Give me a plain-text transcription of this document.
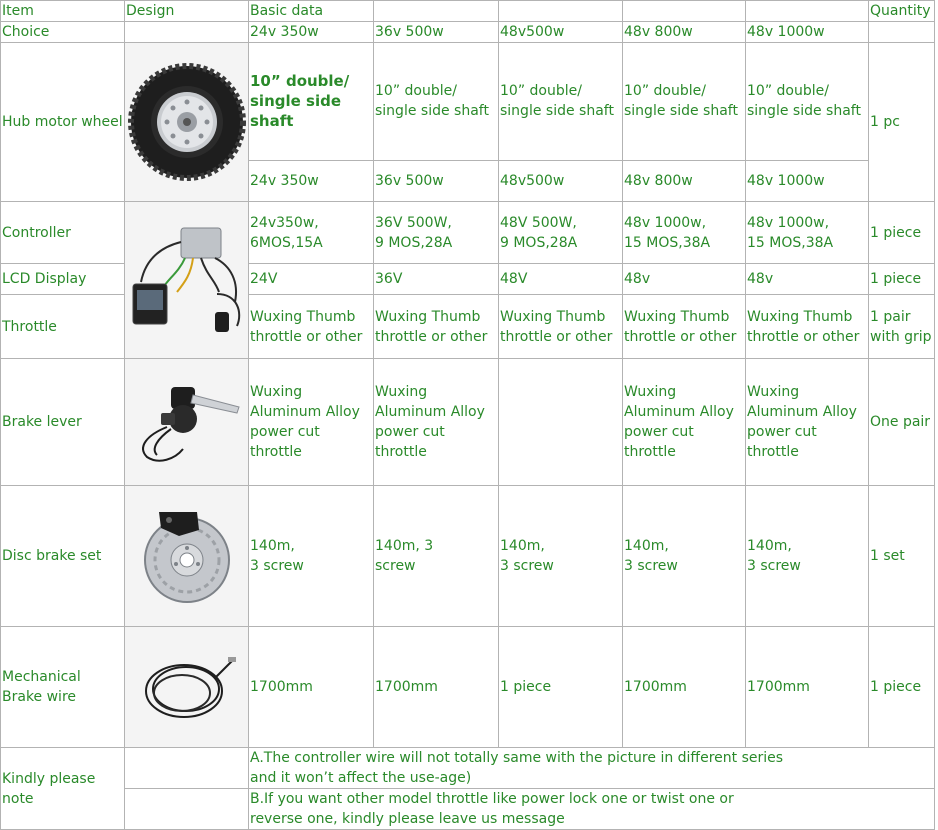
Item	Design	Basic data					Quantity
Choice		24v 350w	36v 500w	48v500w	48v 800w	48v 1000w	
Hub motor wheel		10” double/
single side
shaft	10” double/
single side shaft	10” double/
single side shaft	10” double/
single side shaft	10” double/
single side shaft	1 pc
		24v 350w	36v 500w	48v500w	48v 800w	48v 1000w	
Controller		24v350w,
6MOS,15A	36V 500W,
9 MOS,28A	48V 500W,
9 MOS,28A	48v 1000w,
15 MOS,38A	48v 1000w,
15 MOS,38A	1 piece
LCD Display		24V	36V	48V	48v	48v	1 piece
Throttle		Wuxing Thumb
throttle or other	Wuxing Thumb
throttle or other	Wuxing Thumb
throttle or other	Wuxing Thumb
throttle or other	Wuxing Thumb
throttle or other	1 pair
with grip
Brake lever		Wuxing
Aluminum Alloy
power cut
throttle	Wuxing
Aluminum Alloy
power cut
throttle		Wuxing
Aluminum Alloy
power cut
throttle	Wuxing
Aluminum Alloy
power cut
throttle	One pair
Disc brake set		140m,
3 screw	140m, 3
screw	140m,
3 screw	140m,
3 screw	140m,
3 screw	1 set
Mechanical
Brake wire		1700mm	1700mm	1 piece	1700mm	1700mm	1 piece
Kindly please
note		A.The controller wire will not totally same with the picture in different series
and it won’t affect the use-age)					
		B.If you want other model throttle like power lock one or twist one or
reverse one, kindly please leave us message					
